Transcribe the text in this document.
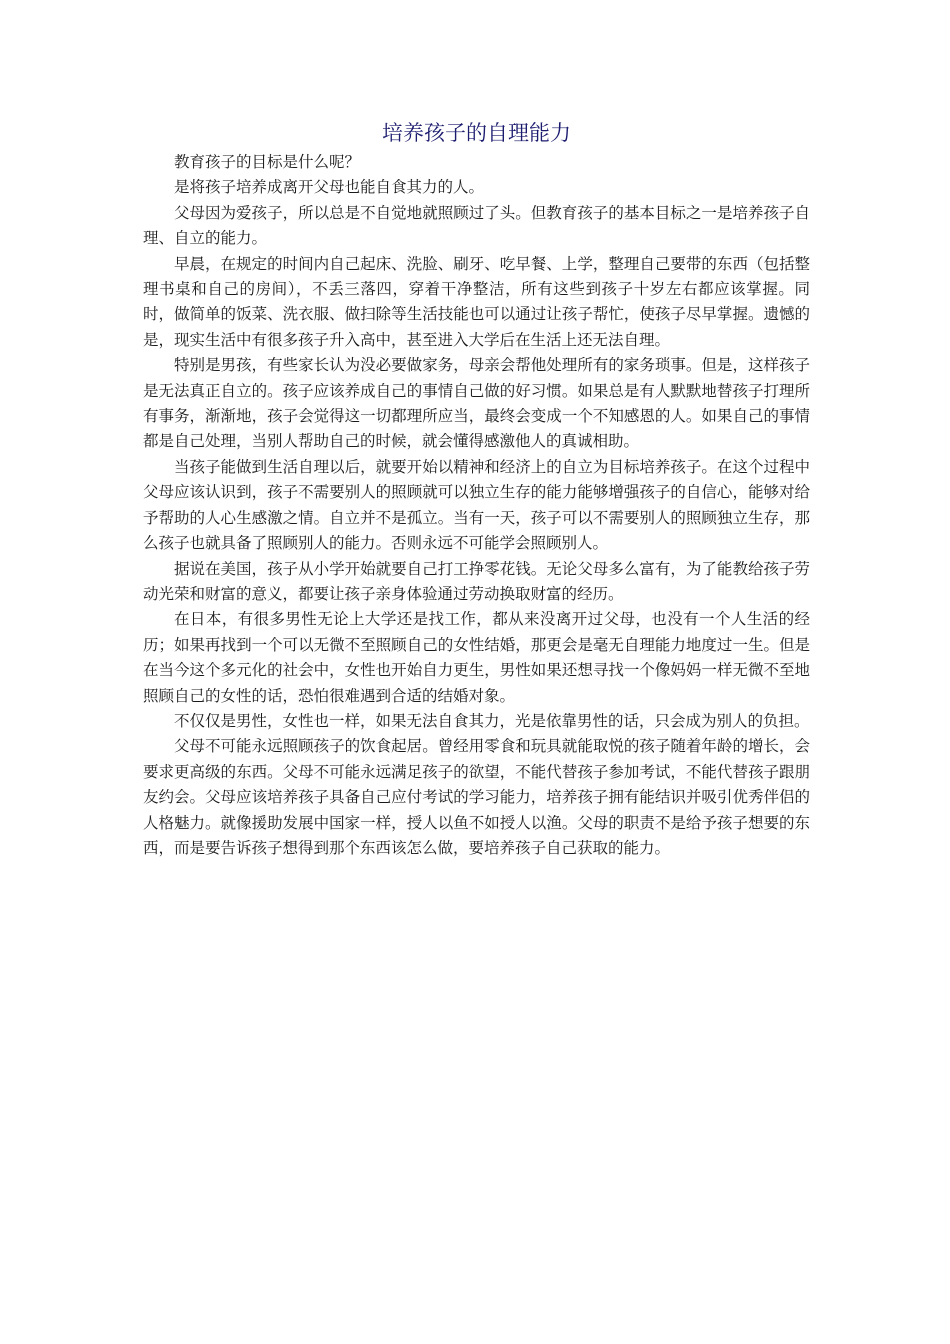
培养孩子的自理能力

教育孩子的目标是什么呢？

是将孩子培养成离开父母也能自食其力的人。

父母因为爱孩子，所以总是不自觉地就照顾过了头。但教育孩子的基本目标之一是培养孩子自理、自立的能力。

早晨，在规定的时间内自己起床、洗脸、刷牙、吃早餐、上学，整理自己要带的东西（包括整理书桌和自己的房间），不丢三落四，穿着干净整洁，所有这些到孩子十岁左右都应该掌握。同时，做简单的饭菜、洗衣服、做扫除等生活技能也可以通过让孩子帮忙，使孩子尽早掌握。遗憾的是，现实生活中有很多孩子升入高中，甚至进入大学后在生活上还无法自理。

特别是男孩，有些家长认为没必要做家务，母亲会帮他处理所有的家务琐事。但是，这样孩子是无法真正自立的。孩子应该养成自己的事情自己做的好习惯。如果总是有人默默地替孩子打理所有事务，渐渐地，孩子会觉得这一切都理所应当，最终会变成一个不知感恩的人。如果自己的事情都是自己处理，当别人帮助自己的时候，就会懂得感激他人的真诚相助。

当孩子能做到生活自理以后，就要开始以精神和经济上的自立为目标培养孩子。在这个过程中父母应该认识到，孩子不需要别人的照顾就可以独立生存的能力能够增强孩子的自信心，能够对给予帮助的人心生感激之情。自立并不是孤立。当有一天，孩子可以不需要别人的照顾独立生存，那么孩子也就具备了照顾别人的能力。否则永远不可能学会照顾别人。

据说在美国，孩子从小学开始就要自己打工挣零花钱。无论父母多么富有，为了能教给孩子劳动光荣和财富的意义，都要让孩子亲身体验通过劳动换取财富的经历。

在日本，有很多男性无论上大学还是找工作，都从来没离开过父母，也没有一个人生活的经历；如果再找到一个可以无微不至照顾自己的女性结婚，那更会是毫无自理能力地度过一生。但是在当今这个多元化的社会中，女性也开始自力更生，男性如果还想寻找一个像妈妈一样无微不至地照顾自己的女性的话，恐怕很难遇到合适的结婚对象。

不仅仅是男性，女性也一样，如果无法自食其力，光是依靠男性的话，只会成为别人的负担。

父母不可能永远照顾孩子的饮食起居。曾经用零食和玩具就能取悦的孩子随着年龄的增长，会要求更高级的东西。父母不可能永远满足孩子的欲望，不能代替孩子参加考试，不能代替孩子跟朋友约会。父母应该培养孩子具备自己应付考试的学习能力，培养孩子拥有能结识并吸引优秀伴侣的人格魅力。就像援助发展中国家一样，授人以鱼不如授人以渔。父母的职责不是给予孩子想要的东西，而是要告诉孩子想得到那个东西该怎么做，要培养孩子自己获取的能力。
